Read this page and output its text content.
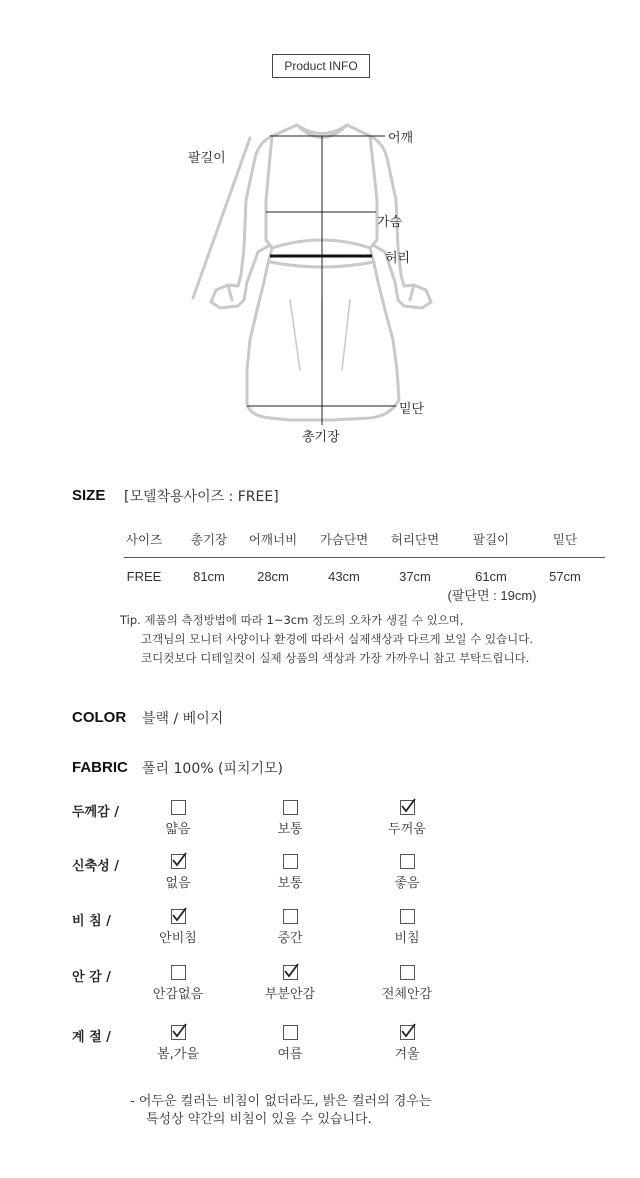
Product INFO
팔길이
어깨
가슴
허리
밑단
총기장
SIZE [모델착용사이즈 : FREE]
사이즈	총기장	어깨너비	가슴단면	허리단면	팔길이	밑단
FREE	81cm	28cm	43cm	37cm	61cm	57cm
(팔단면 : 19cm)
Tip. 제품의 측정방법에 따라 1~3cm 정도의 오차가 생길 수 있으며,
고객님의 모니터 사양이나 환경에 따라서 실제색상과 다르게 보일 수 있습니다.
코디컷보다 디테일컷이 실제 상품의 색상과 가장 가까우니 참고 부탁드립니다.
COLOR 블랙 / 베이지
FABRIC 폴리 100% (피치기모)
두께감 /
얇음	보통	두꺼움
신축성 /
없음	보통	좋음
비 침 /
안비침	중간	비침
안 감 /
안감없음	부분안감	전체안감
계 절 /
봄,가을	여름	겨울
- 어두운 컬러는 비침이 없더라도, 밝은 컬러의 경우는
특성상 약간의 비침이 있을 수 있습니다.
